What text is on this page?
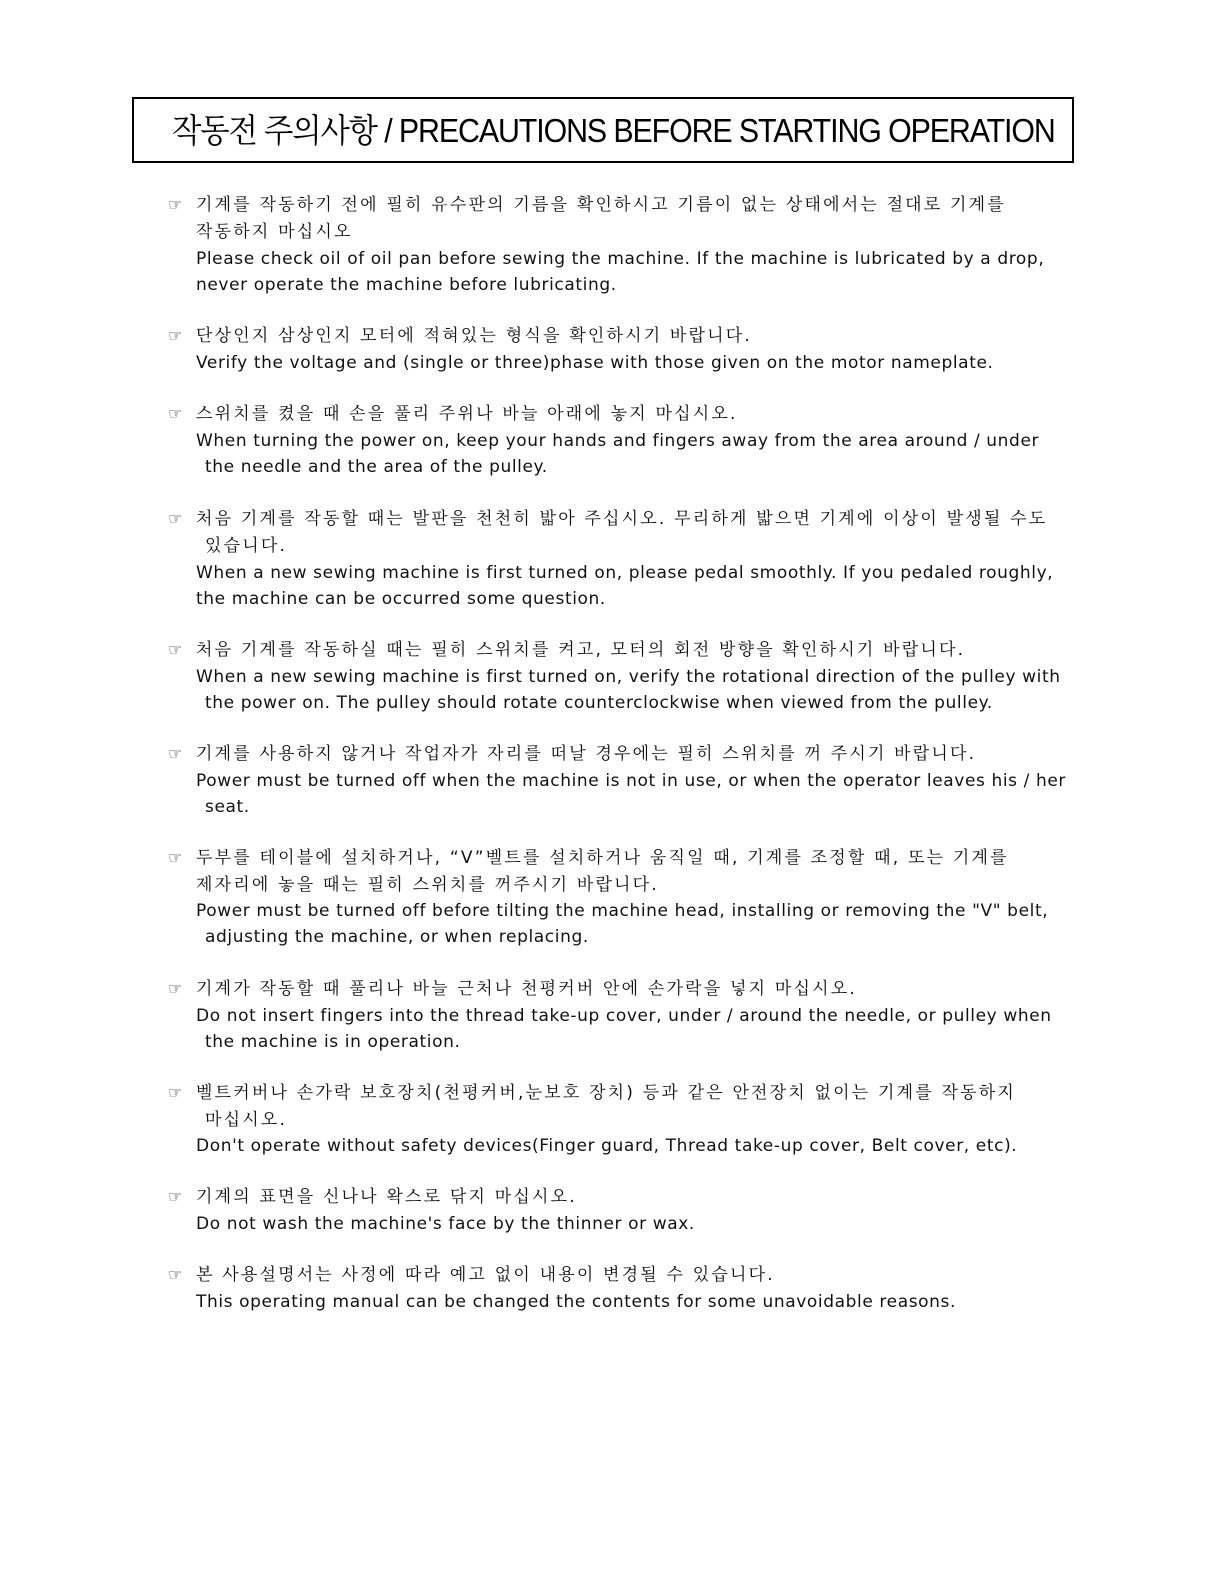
작동전 주의사항 / PRECAUTIONS BEFORE STARTING OPERATION
☞ 기계를 작동하기 전에 필히 유수판의 기름을 확인하시고 기름이 없는 상태에서는 절대로 기계를
작동하지 마십시오
Please check oil of oil pan before sewing the machine. If the machine is lubricated by a drop,
never operate the machine before lubricating.
☞ 단상인지 삼상인지 모터에 적혀있는 형식을 확인하시기 바랍니다.
Verify the voltage and (single or three)phase with those given on the motor nameplate.
☞ 스위치를 켰을 때 손을 풀리 주위나 바늘 아래에 놓지 마십시오.
When turning the power on, keep your hands and fingers away from the area around / under
the needle and the area of the pulley.
☞ 처음 기계를 작동할 때는 발판을 천천히 밟아 주십시오. 무리하게 밟으면 기계에 이상이 발생될 수도
있습니다.
When a new sewing machine is first turned on, please pedal smoothly. If you pedaled roughly,
the machine can be occurred some question.
☞ 처음 기계를 작동하실 때는 필히 스위치를 켜고, 모터의 회전 방향을 확인하시기 바랍니다.
When a new sewing machine is first turned on, verify the rotational direction of the pulley with
the power on. The pulley should rotate counterclockwise when viewed from the pulley.
☞ 기계를 사용하지 않거나 작업자가 자리를 떠날 경우에는 필히 스위치를 꺼 주시기 바랍니다.
Power must be turned off when the machine is not in use, or when the operator leaves his / her
seat.
☞ 두부를 테이블에 설치하거나, “V”벨트를 설치하거나 움직일 때, 기계를 조정할 때, 또는 기계를
제자리에 놓을 때는 필히 스위치를 꺼주시기 바랍니다.
Power must be turned off before tilting the machine head, installing or removing the "V" belt,
adjusting the machine, or when replacing.
☞ 기계가 작동할 때 풀리나 바늘 근처나 천평커버 안에 손가락을 넣지 마십시오.
Do not insert fingers into the thread take-up cover, under / around the needle, or pulley when
the machine is in operation.
☞ 벨트커버나 손가락 보호장치(천평커버,눈보호 장치) 등과 같은 안전장치 없이는 기계를 작동하지
마십시오.
Don't operate without safety devices(Finger guard, Thread take-up cover, Belt cover, etc).
☞ 기계의 표면을 신나나 왁스로 닦지 마십시오.
Do not wash the machine's face by the thinner or wax.
☞ 본 사용설명서는 사정에 따라 예고 없이 내용이 변경될 수 있습니다.
This operating manual can be changed the contents for some unavoidable reasons.
